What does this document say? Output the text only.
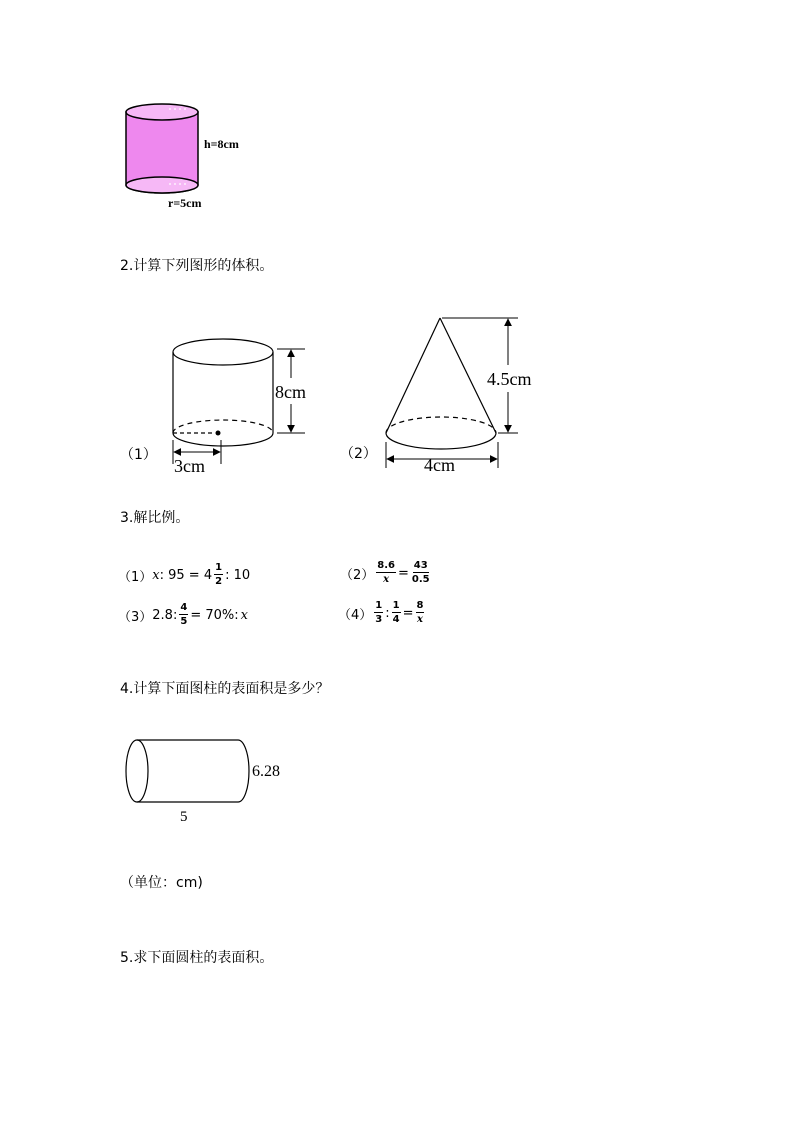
h=8cm
r=5cm
2.计算下列图形的体积。
（1）
8cm
3cm
（2）
4.5cm
4cm
3.解比例。
（1） x : $95 = 4 \frac{1}{2}$ : 10	$(2) \frac{8.6}{x} = \frac{43}{0.5}$
（3） 2.8: $\frac{4}{5} = 70\%$: x	$(4) \frac{1}{3}$ : $\frac{1}{4} = \frac{8}{x}$
4.计算下面图柱的表面积是多少？
6.28
5
（单位：cm)
5.求下面圆柱的表面积。
